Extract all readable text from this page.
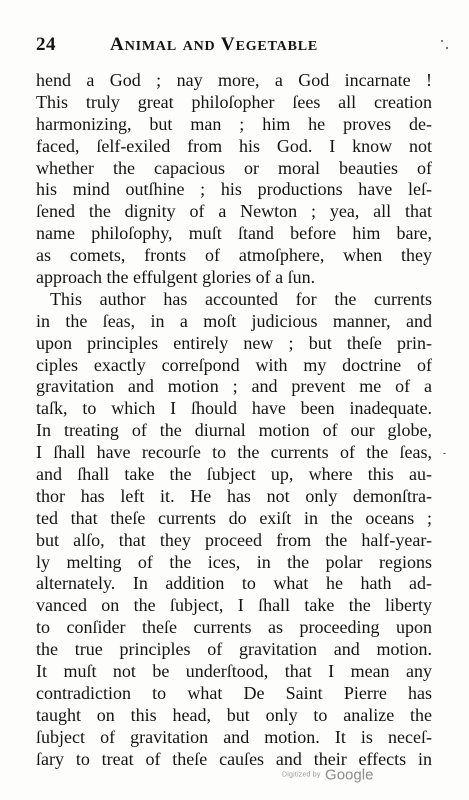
24	ANIMAL AND VEGETABLE
hend a God ; nay more, a God incarnate !
This truly great philoſopher ſees all creation
harmonizing, but man ; him he proves de-
faced, ſelf-exiled from his God. I know not
whether the capacious or moral beauties of
his mind outſhine ; his productions have leſ-
ſened the dignity of a Newton ; yea, all that
name philoſophy, muſt ſtand before him bare,
as comets, fronts of atmoſphere, when they
approach the effulgent glories of a ſun.
This author has accounted for the currents
in the ſeas, in a moſt judicious manner, and
upon principles entirely new ; but theſe prin-
ciples exactly correſpond with my doctrine of
gravitation and motion ; and prevent me of a
taſk, to which I ſhould have been inadequate.
In treating of the diurnal motion of our globe,
I ſhall have recourſe to the currents of the ſeas,
and ſhall take the ſubject up, where this au-
thor has left it. He has not only demonſtra-
ted that theſe currents do exiſt in the oceans ;
but alſo, that they proceed from the half-year-
ly melting of the ices, in the polar regions
alternately. In addition to what he hath ad-
vanced on the ſubject, I ſhall take the liberty
to conſider theſe currents as proceeding upon
the true principles of gravitation and motion.
It muſt not be underſtood, that I mean any
contradiction to what De Saint Pierre has
taught on this head, but only to analize the
ſubject of gravitation and motion. It is neceſ-
ſary to treat of theſe cauſes and their effects in
Digitized by Google
